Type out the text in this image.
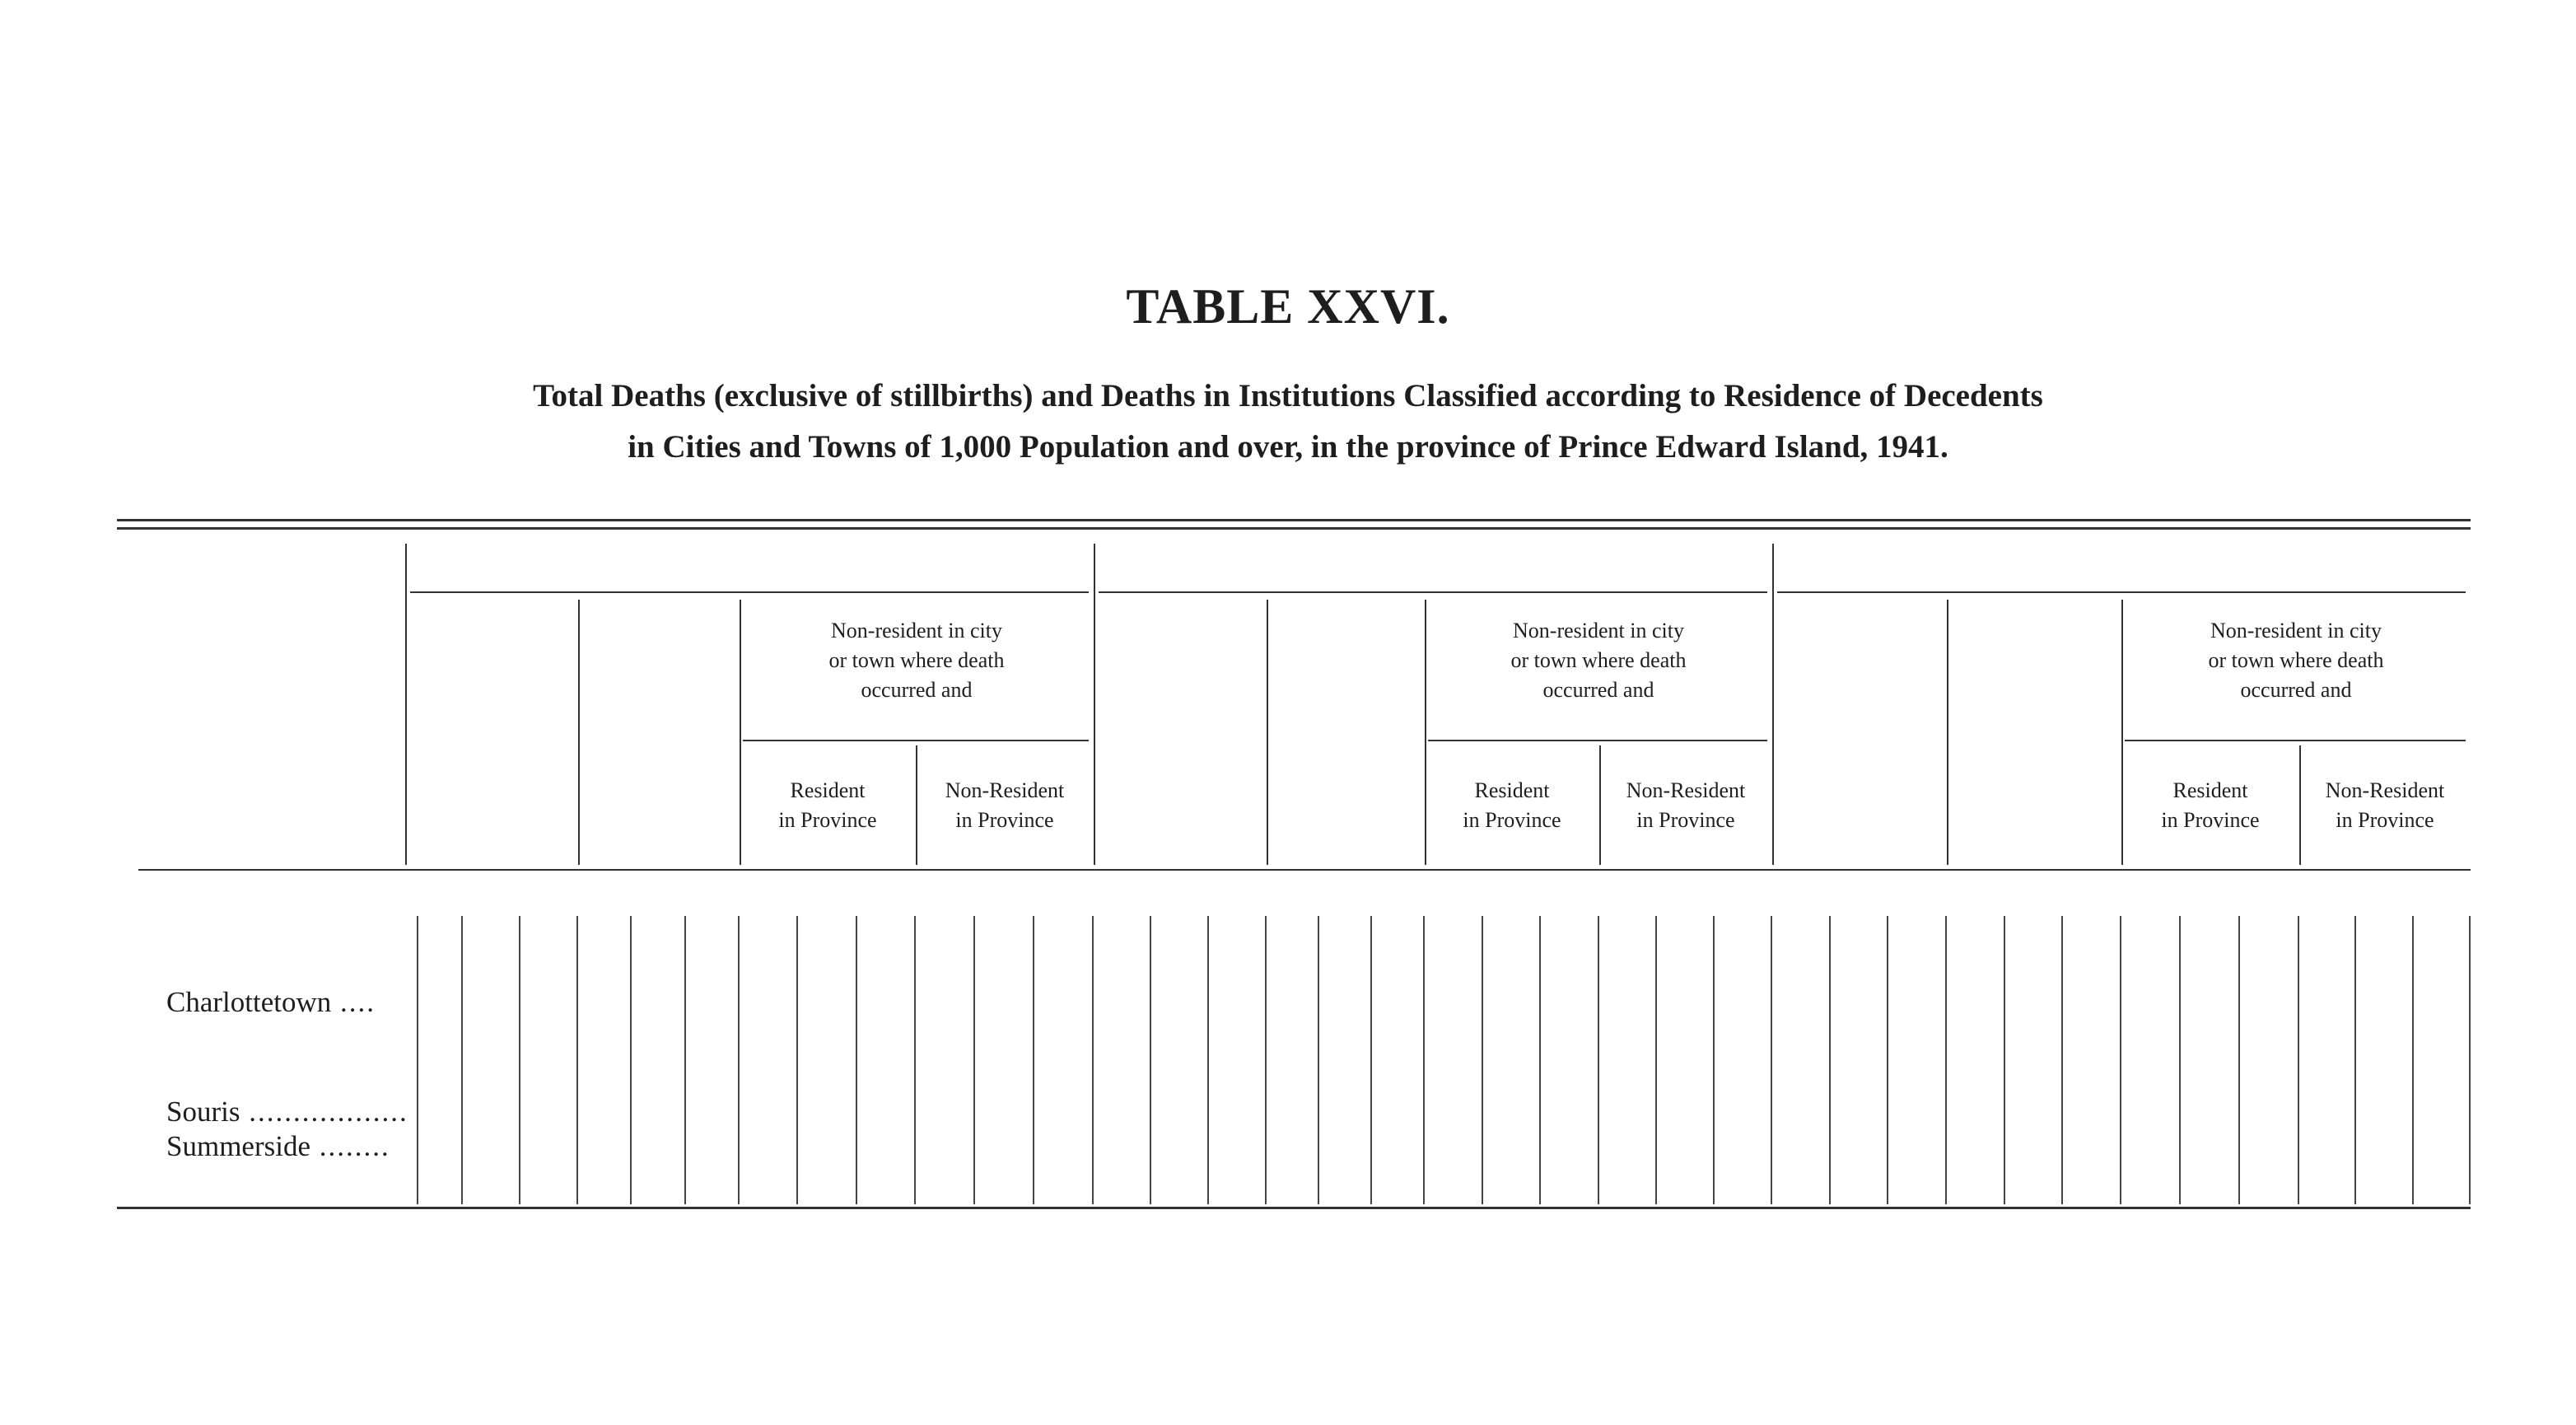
TABLE XXVI.
Total Deaths (exclusive of stillbirths) and Deaths in Institutions Classified according to Residence of Decedents
in Cities and Towns of 1,000 Population and over, in the province of Prince Edward Island, 1941.
Non-resident in city
or town where death
occurred and
Resident
in Province
Non-Resident
in Province
Non-resident in city
or town where death
occurred and
Resident
in Province
Non-Resident
in Province
Non-resident in city
or town where death
occurred and
Resident
in Province
Non-Resident
in Province
Charlottetown ....
Souris ..................
Summerside ........
